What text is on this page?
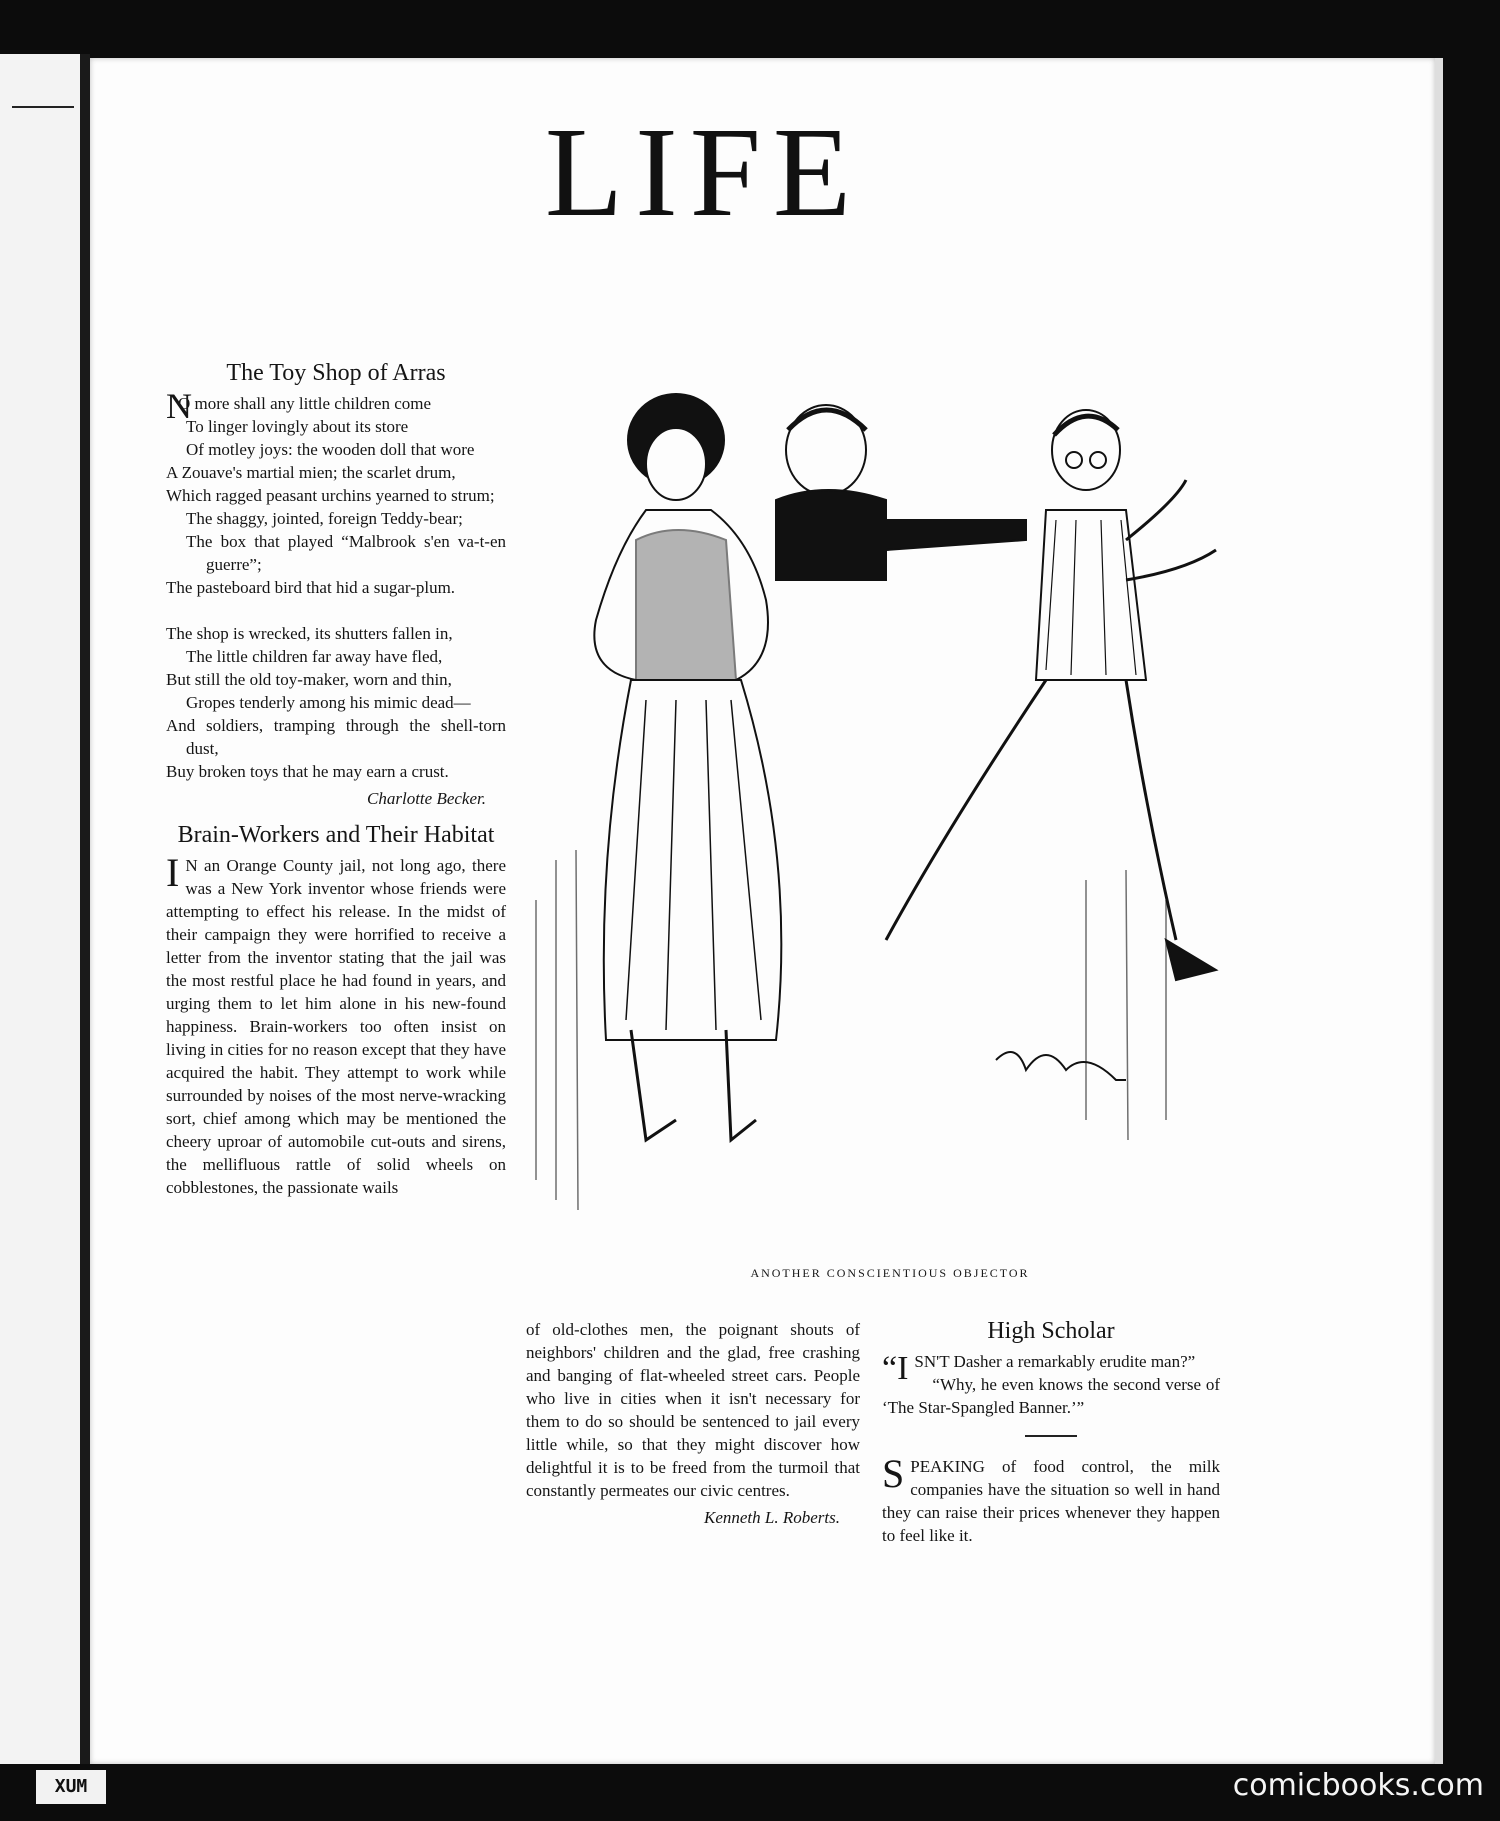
LIFE
The Toy Shop of Arras
N
O more shall any little children come
To linger lovingly about its store
Of motley joys: the wooden doll that wore
A Zouave's martial mien; the scarlet drum,
Which ragged peasant urchins yearned to strum;
The shaggy, jointed, foreign Teddy-bear;
The box that played “Malbrook s'en va-t-en guerre”;
The pasteboard bird that hid a sugar-plum.
The shop is wrecked, its shutters fallen in,
The little children far away have fled,
But still the old toy-maker, worn and thin,
Gropes tenderly among his mimic dead—
And soldiers, tramping through the shell-torn dust,
Buy broken toys that he may earn a crust.
Charlotte Becker.
Brain-Workers and Their Habitat

I N an Orange County jail, not long ago, there was a New York inventor whose friends were attempting to effect his release. In the midst of their campaign they were horrified to receive a letter from the inventor stating that the jail was the most restful place he had found in years, and urging them to let him alone in his new-found happiness. Brain-workers too often insist on living in cities for no reason except that they have acquired the habit. They attempt to work while surrounded by noises of the most nerve-wracking sort, chief among which may be mentioned the cheery uproar of automobile cut-outs and sirens, the mellifluous rattle of solid wheels on cobblestones, the passionate wails

ANOTHER CONSCIENTIOUS OBJECTOR

of old-clothes men, the poignant shouts of neighbors' children and the glad, free crashing and banging of flat-wheeled street cars. People who live in cities when it isn't necessary for them to do so should be sentenced to jail every little while, so that they might discover how delightful it is to be freed from the turmoil that constantly permeates our civic centres.

Kenneth L. Roberts.
High Scholar

“ISN'T Dasher a remarkably erudite man?”

“Why, he even knows the second verse of ‘The Star-Spangled Banner.’”

SPEAKING of food control, the milk companies have the situation so well in hand they can raise their prices whenever they happen to feel like it.

XUM	comicbooks.com
